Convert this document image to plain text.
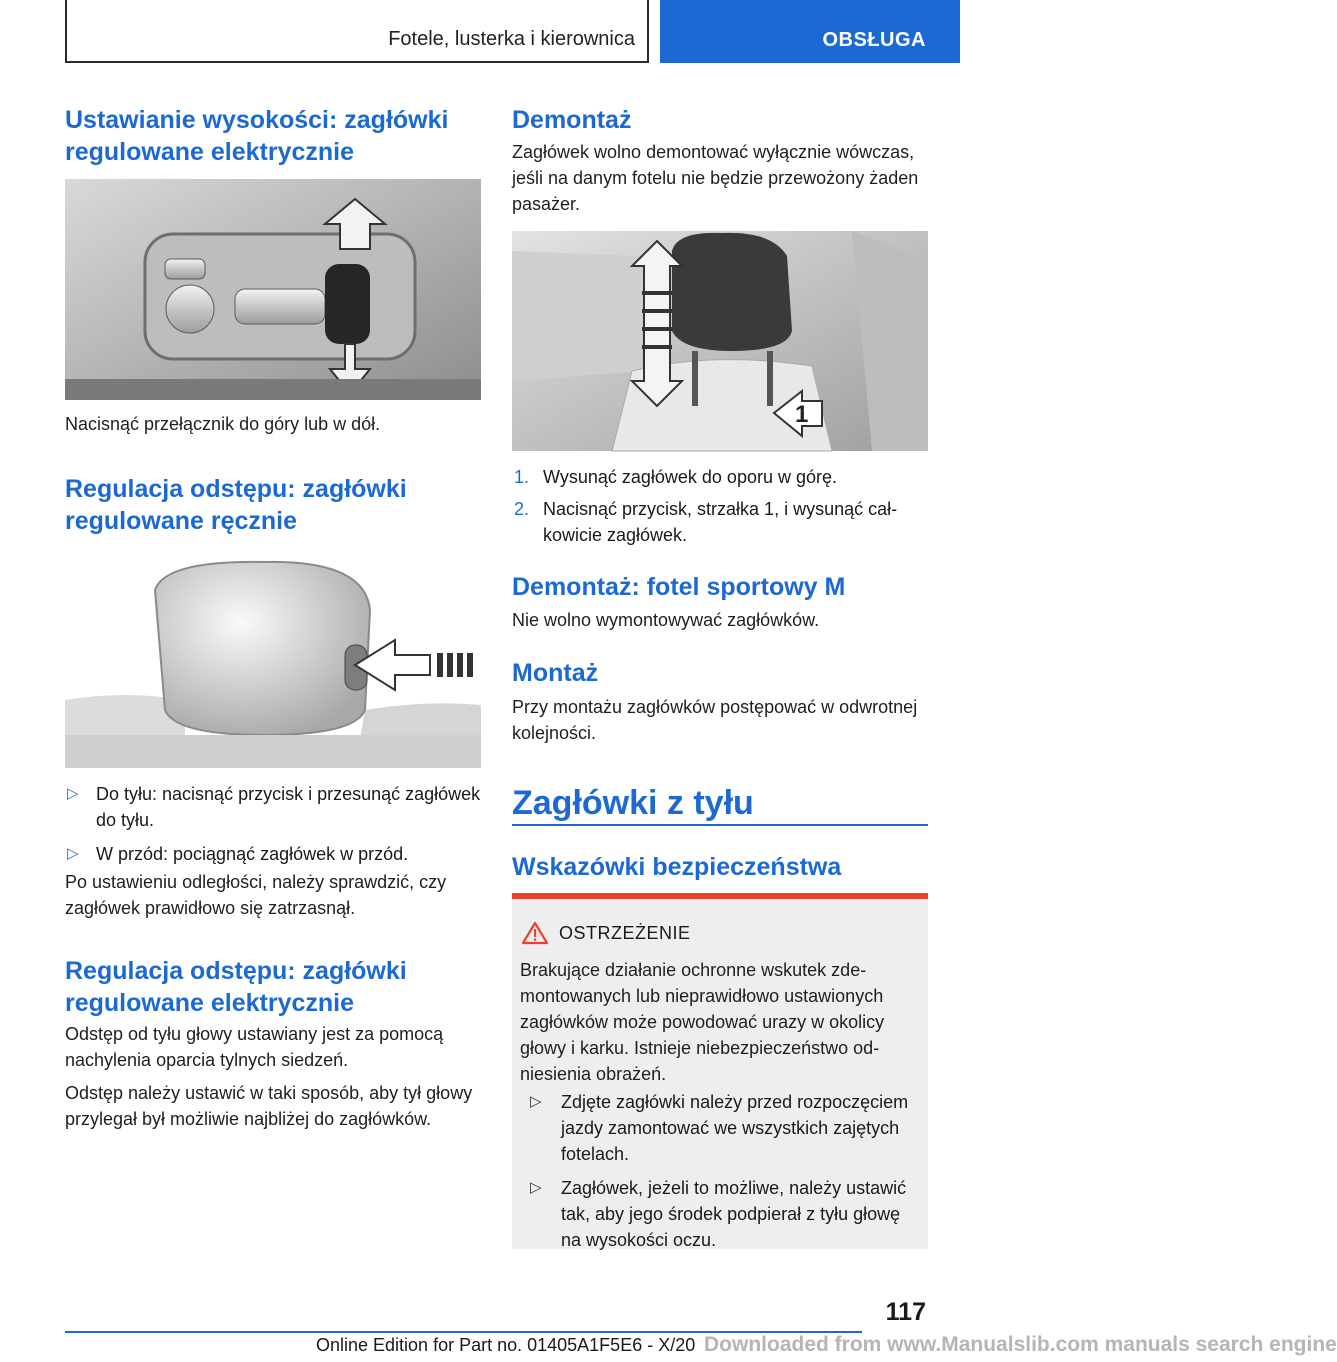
Fotele, lusterka i kierownica	OBSŁUGA
Ustawianie wysokości: zagłówki regulowane elektrycznie

Nacisnąć przełącznik do góry lub w dół.

Regulacja odstępu: zagłówki regulowane ręcznie
▷ Do tyłu: nacisnąć przycisk i przesunąć zagłówek do tyłu.
▷ W przód: pociągnąć zagłówek w przód.

Po ustawieniu odległości, należy sprawdzić, czy zagłówek prawidłowo się zatrzasnął.

Regulacja odstępu: zagłówki regulowane elektrycznie

Odstęp od tyłu głowy ustawiany jest za pomocą nachylenia oparcia tylnych siedzeń.

Odstęp należy ustawić w taki sposób, aby tył głowy przylegał był możliwie najbliżej do zagłówków.

Demontaż

Zagłówek wolno demontować wyłącznie wówczas, jeśli na danym fotelu nie będzie przewożony żaden pasażer.

1
1. Wysunąć zagłówek do oporu w górę.
2. Nacisnąć przycisk, strzałka 1, i wysunąć całkowicie zagłówek.
Demontaż: fotel sportowy M

Nie wolno wymontowywać zagłówków.

Montaż

Przy montażu zagłówków postępować w odwrotnej kolejności.

Zagłówki z tyłu
Wskazówki bezpieczeństwa
OSTRZEŻENIE

Brakujące działanie ochronne wskutek zdemontowanych lub nieprawidłowo ustawionych zagłówków może powodować urazy w okolicy głowy i karku. Istnieje niebezpieczeństwo odniesienia obrażeń.

▷ Zdjęte zagłówki należy przed rozpoczęciem jazdy zamontować we wszystkich zajętych fotelach.
▷ Zagłówek, jeżeli to możliwe, należy ustawić tak, aby jego środek podpierał z tyłu głowę na wysokości oczu.
117
Online Edition for Part no. 01405A1F5E6 - X/20 Downloaded from www.Manualslib.com manuals search engine
